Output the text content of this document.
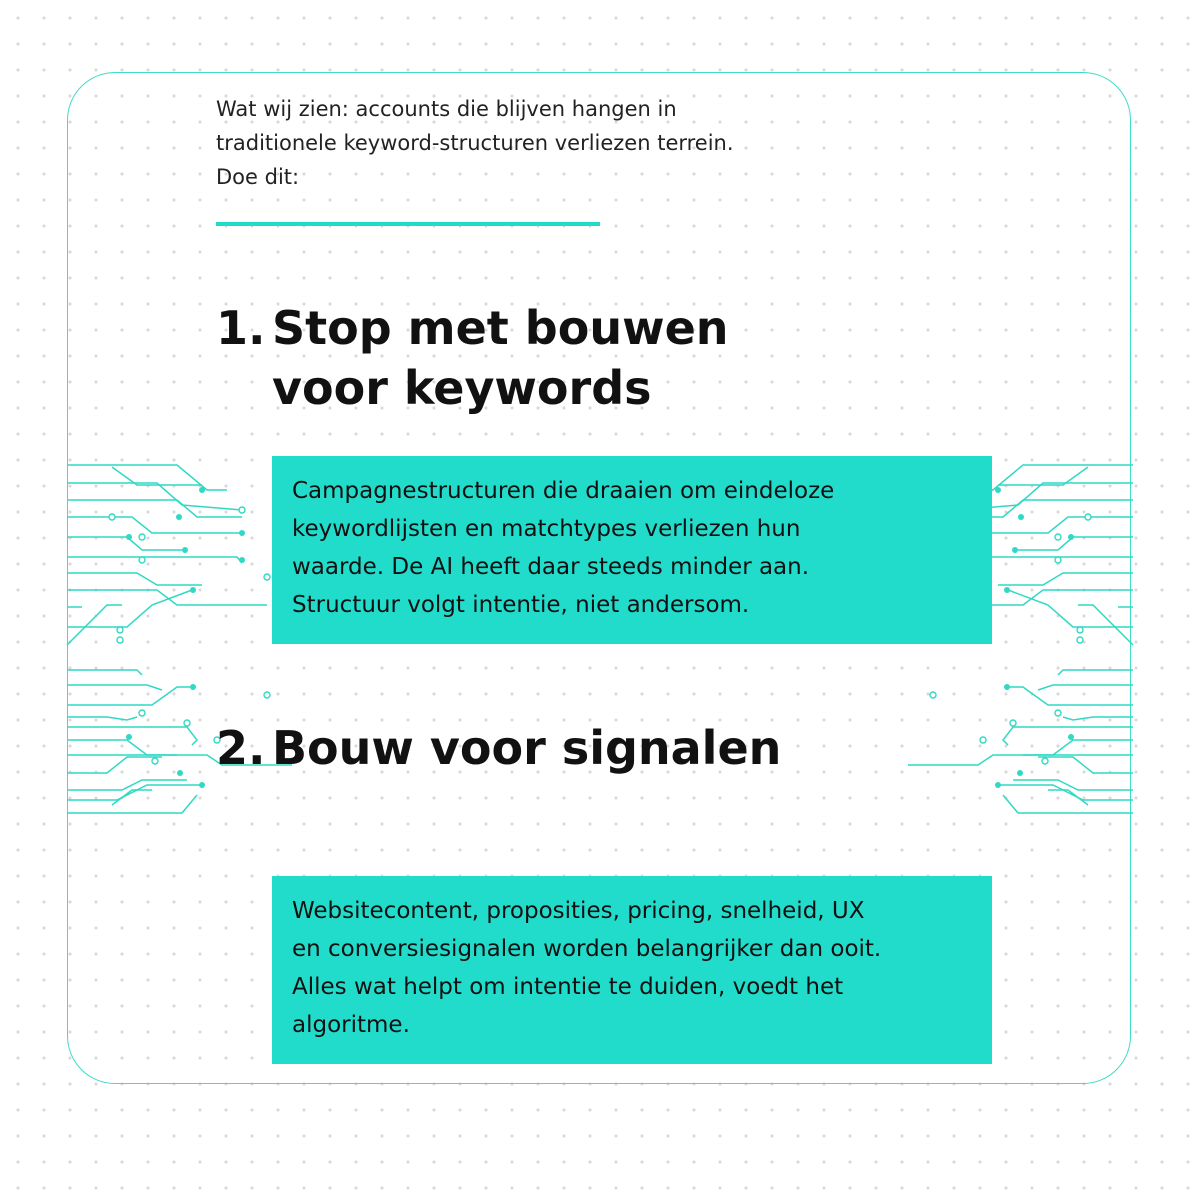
Wat wij zien: accounts die blijven hangen in
traditionele keyword-structuren verliezen terrein.
Doe dit:

1. Stop met bouwen
voor keywords
Campagnestructuren die draaien om eindeloze
keywordlijsten en matchtypes verliezen hun
waarde. De AI heeft daar steeds minder aan.
Structuur volgt intentie, niet andersom.
2. Bouw voor signalen
Websitecontent, proposities, pricing, snelheid, UX
en conversiesignalen worden belangrijker dan ooit.
Alles wat helpt om intentie te duiden, voedt het
algoritme.
